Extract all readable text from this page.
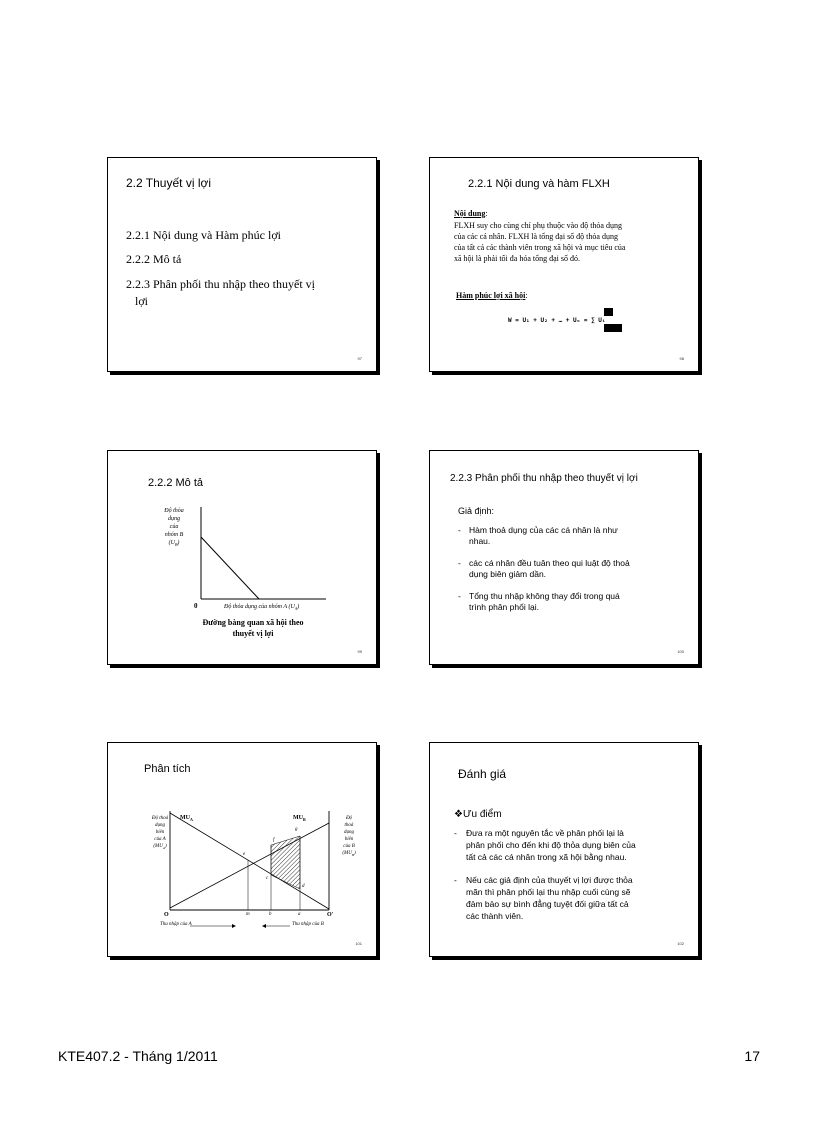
2.2 Thuyết vị lợi
2.2.1 Nội dung và Hàm phúc lợi
2.2.2 Mô tả
2.2.3 Phân phối thu nhập theo thuyết vị
lợi
97
2.2.1 Nội dung và hàm FLXH
Nội dung:
FLXH suy cho cùng chỉ phụ thuộc vào độ thỏa dụng
của các cá nhân. FLXH là tổng đại số độ thỏa dụng
của tất cả các thành viên trong xã hội và mục tiêu của
xã hội là phải tối đa hóa tổng đại số đó.
Hàm phúc lợi xã hội:
W = U₁ + U₂ + … + Uₙ = ∑ Uᵢ
98
2.2.2 Mô tả
Độ thỏa
dụng
của
nhóm B
$(U_B)$
0	Độ thỏa dụng của nhóm A $(U_A)$
Đường bàng quan xã hội theo
thuyết vị lợi
99
2.2.3 Phân phối thu nhập theo thuyết vị lợi
Giả định:
- Hàm thoả dụng của các cá nhân là như
nhau.
- các cá nhân đều tuân theo qui luật độ thoả
dụng biên giảm dần.
- Tổng thu nhập không thay đổi trong quá
trình phân phối lại.
100
Phân tích
Độ thoả
dụng
biên
của A
$(MU_A)$
Độ
thoả
dụng
biên
của B
$(MU_B)$
$MU_A$	$MU_B$
e
f
g
c
d
O	m	b	a	O'
Thu nhập của A	Thu nhập của B
101
Đánh giá
❖Ưu điểm
-	Đưa ra một nguyên tắc về phân phối lại là
phân phối cho đến khi độ thỏa dụng biên của
tất cả các cá nhân trong xã hội bằng nhau.
-	Nếu các giả định của thuyết vị lợi được thỏa
mãn thì phân phối lại thu nhập cuối cùng sẽ
đảm bảo sự bình đẳng tuyệt đối giữa tất cả
các thành viên.
102
KTE407.2 - Tháng 1/2011	17
